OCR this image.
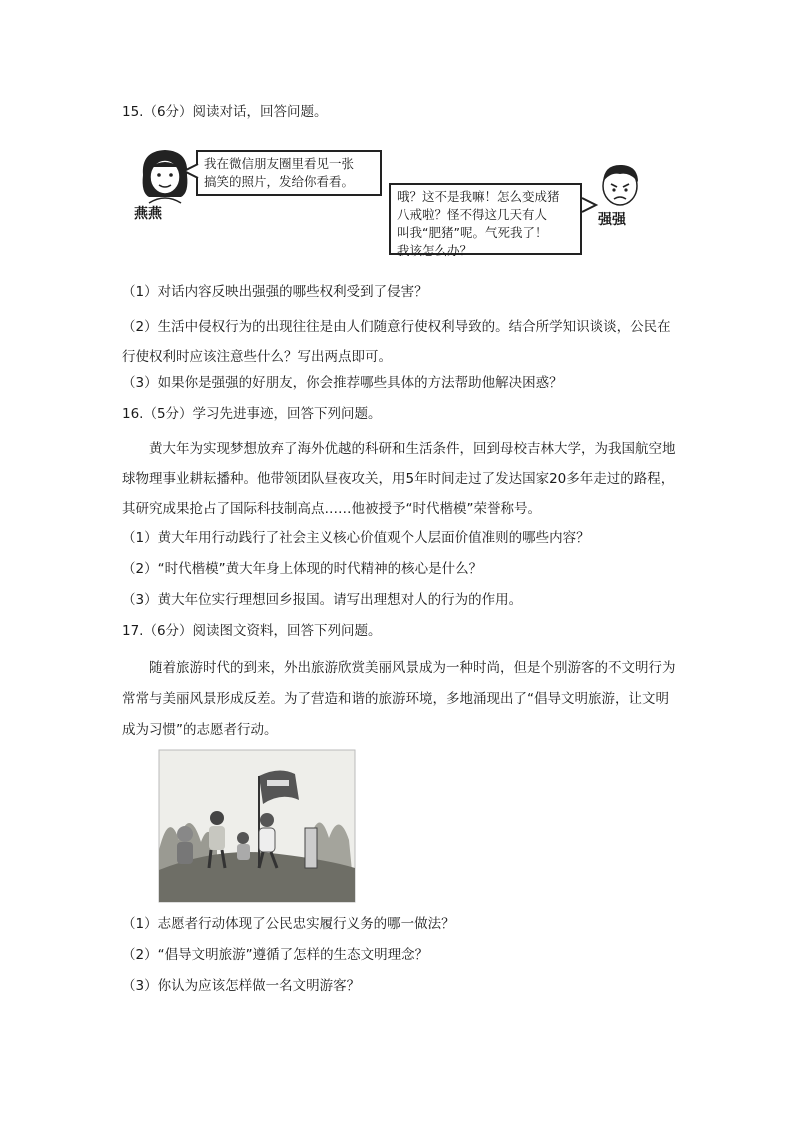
15.（6分）阅读对话，回答问题。
燕燕
我在微信朋友圈里看见一张
搞笑的照片，发给你看看。
哦？这不是我嘛！怎么变成猪
八戒啦？怪不得这几天有人
叫我“肥猪”呢。气死我了！
我该怎么办？
强强
（1）对话内容反映出强强的哪些权利受到了侵害？

（2）生活中侵权行为的出现往往是由人们随意行使权利导致的。结合所学知识谈谈，公民在行使权利时应该注意些什么？写出两点即可。

（3）如果你是强强的好朋友，你会推荐哪些具体的方法帮助他解决困惑？
16.（5分）学习先进事迹，回答下列问题。

黄大年为实现梦想放弃了海外优越的科研和生活条件，回到母校吉林大学，为我国航空地球物理事业耕耘播种。他带领团队昼夜攻关，用5年时间走过了发达国家20多年走过的路程，其研究成果抢占了国际科技制高点……他被授予“时代楷模”荣誉称号。

（1）黄大年用行动践行了社会主义核心价值观个人层面价值准则的哪些内容？
（2）“时代楷模”黄大年身上体现的时代精神的核心是什么？
（3）黄大年位实行理想回乡报国。请写出理想对人的行为的作用。
17.（6分）阅读图文资料，回答下列问题。

随着旅游时代的到来，外出旅游欣赏美丽风景成为一种时尚，但是个别游客的不文明行为常常与美丽风景形成反差。为了营造和谐的旅游环境，多地涌现出了“倡导文明旅游，让文明成为习惯”的志愿者行动。

（1）志愿者行动体现了公民忠实履行义务的哪一做法？
（2）“倡导文明旅游”遵循了怎样的生态文明理念？
（3）你认为应该怎样做一名文明游客？
